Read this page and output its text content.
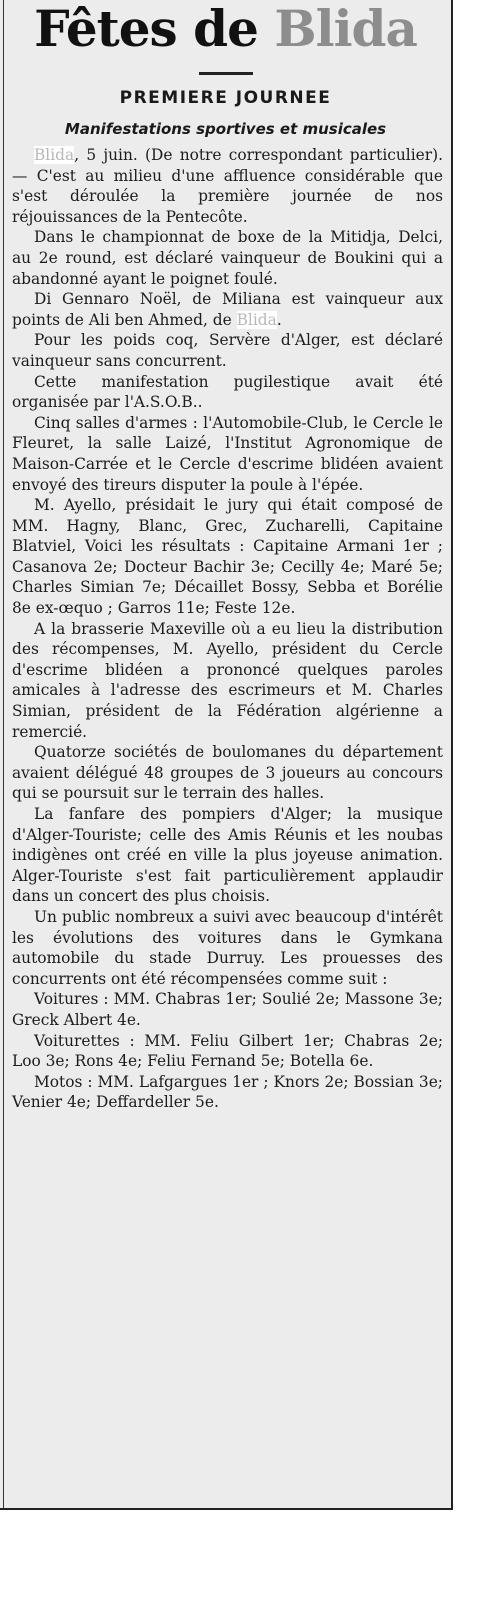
Fêtes de Blida
PREMIERE JOURNEE
Manifestations sportives et musicales

Blida, 5 juin. (De notre correspondant particulier). — C'est au milieu d'une affluence considérable que s'est déroulée la première journée de nos réjouissances de la Pentecôte.

Dans le championnat de boxe de la Mitidja, Delci, au 2e round, est déclaré vainqueur de Boukini qui a abandonné ayant le poignet foulé.

Di Gennaro Noël, de Miliana est vainqueur aux points de Ali ben Ahmed, de Blida.

Pour les poids coq, Servère d'Alger, est déclaré vainqueur sans concurrent.

Cette manifestation pugilestique avait été organisée par l'A.S.O.B..

Cinq salles d'armes : l'Automobile-Club, le Cercle le Fleuret, la salle Laizé, l'Institut Agronomique de Maison-Carrée et le Cercle d'escrime blidéen avaient envoyé des tireurs disputer la poule à l'épée.

M. Ayello, présidait le jury qui était composé de MM. Hagny, Blanc, Grec, Zucharelli, Capitaine Blatviel, Voici les résultats : Capitaine Armani 1er ; Casanova 2e; Docteur Bachir 3e; Cecilly 4e; Maré 5e; Charles Simian 7e; Décaillet Bossy, Sebba et Borélie 8e ex-œquo ; Garros 11e; Feste 12e.

A la brasserie Maxeville où a eu lieu la distribution des récompenses, M. Ayello, président du Cercle d'escrime blidéen a prononcé quelques paroles amicales à l'adresse des escrimeurs et M. Charles Simian, président de la Fédération algérienne a remercié.

Quatorze sociétés de boulomanes du département avaient délégué 48 groupes de 3 joueurs au concours qui se poursuit sur le terrain des halles.

La fanfare des pompiers d'Alger; la musique d'Alger-Touriste; celle des Amis Réunis et les noubas indigènes ont créé en ville la plus joyeuse animation. Alger-Touriste s'est fait particulièrement applaudir dans un concert des plus choisis.

Un public nombreux a suivi avec beaucoup d'intérêt les évolutions des voitures dans le Gymkana automobile du stade Durruy. Les prouesses des concurrents ont été récompensées comme suit :

Voitures : MM. Chabras 1er; Soulié 2e; Massone 3e; Greck Albert 4e.

Voiturettes : MM. Feliu Gilbert 1er; Chabras 2e; Loo 3e; Rons 4e; Feliu Fernand 5e; Botella 6e.

Motos : MM. Lafgargues 1er ; Knors 2e; Bossian 3e; Venier 4e; Deffardeller 5e.
